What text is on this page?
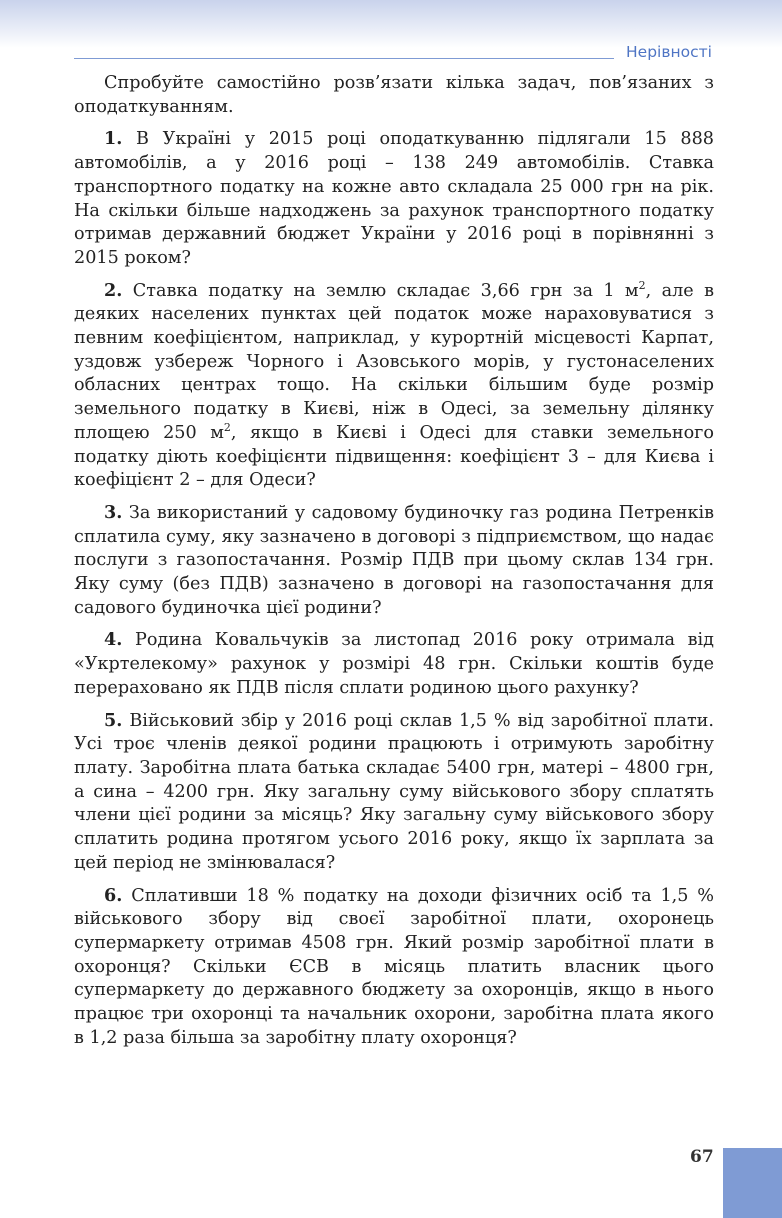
Нерівності

Спробуйте самостійно розв’язати кілька задач, пов’язаних з оподаткуванням.

1. В Україні у 2015 році оподаткуванню підлягали 15 888 автомобілів, а у 2016 році – 138 249 автомобілів. Ставка транспортного податку на кожне авто складала 25 000 грн на рік. На скільки більше надходжень за рахунок транспортного податку отримав державний бюджет України у 2016 році в порівнянні з 2015 роком?

2. Ставка податку на землю складає 3,66 грн за 1 $м^2$, але в деяких населених пунктах цей податок може нараховуватися з певним коефіцієнтом, наприклад, у курортній місцевості Карпат, уздовж узбереж Чорного і Азовського морів, у густонаселених обласних центрах тощо. На скільки більшим буде розмір земельного податку в Києві, ніж в Одесі, за земельну ділянку площею 250 $м^2$, якщо в Києві і Одесі для ставки земельного податку діють коефіцієнти підвищення: коефіцієнт 3 – для Києва і коефіцієнт 2 – для Одеси?

3. За використаний у садовому будиночку газ родина Петренків сплатила суму, яку зазначено в договорі з підприємством, що надає послуги з газопостачання. Розмір ПДВ при цьому склав 134 грн. Яку суму (без ПДВ) зазначено в договорі на газопостачання для садового будиночка цієї родини?

4. Родина Ковальчуків за листопад 2016 року отримала від «Укртелекому» рахунок у розмірі 48 грн. Скільки коштів буде перераховано як ПДВ після сплати родиною цього рахунку?

5. Військовий збір у 2016 році склав 1,5 % від заробітної плати. Усі троє членів деякої родини працюють і отримують заробітну плату. Заробітна плата батька складає 5400 грн, матері – 4800 грн, а сина – 4200 грн. Яку загальну суму військового збору сплатять члени цієї родини за місяць? Яку загальну суму військового збору сплатить родина протягом усього 2016 року, якщо їх зарплата за цей період не змінювалася?

6. Сплативши 18 % податку на доходи фізичних осіб та 1,5 % військового збору від своєї заробітної плати, охоронець супермаркету отримав 4508 грн. Який розмір заробітної плати в охоронця? Скільки ЄСВ в місяць платить власник цього супермаркету до державного бюджету за охоронців, якщо в нього працює три охоронці та начальник охорони, заробітна плата якого в 1,2 раза більша за заробітну плату охоронця?

67
